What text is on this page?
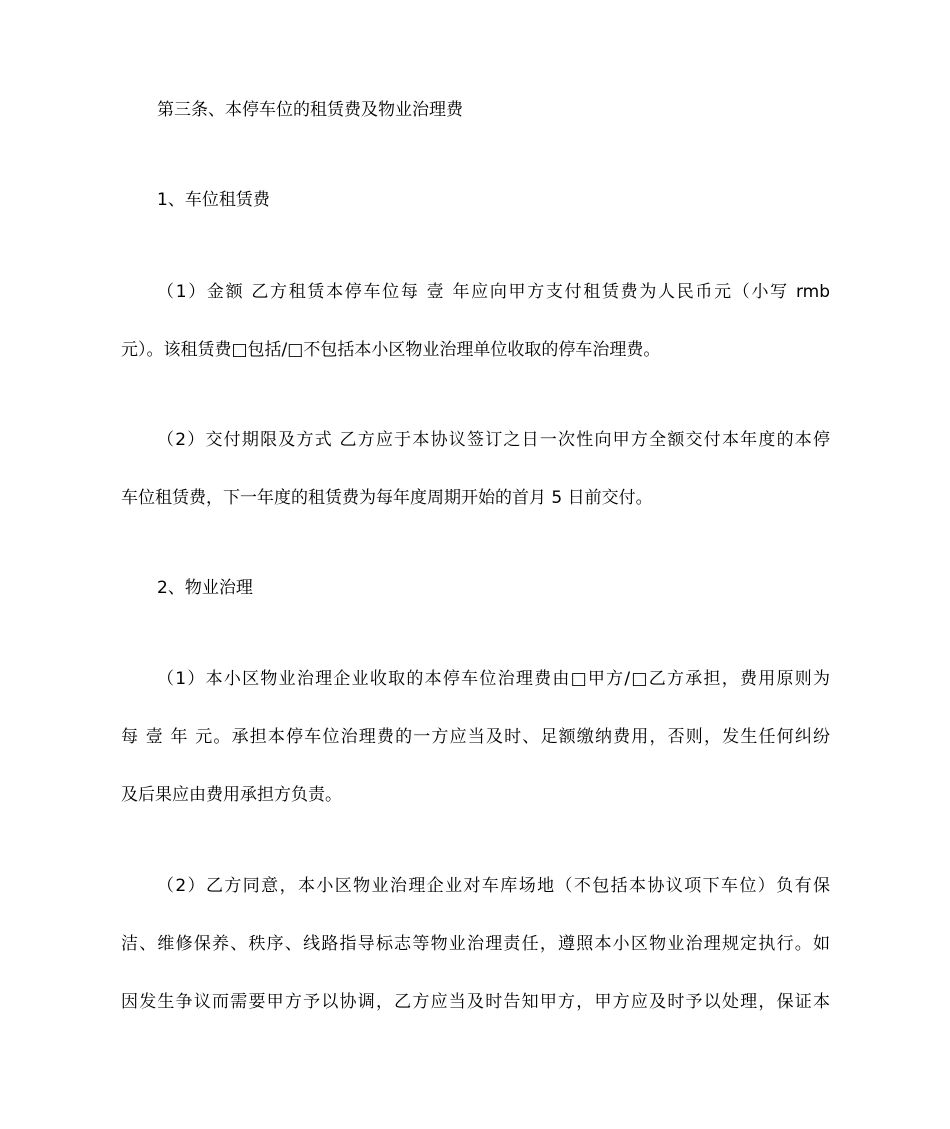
第三条、本停车位的租赁费及物业治理费
1、车位租赁费
（1）金额 乙方租赁本停车位每 壹 年应向甲方支付租赁费为人民币元（小写 rmb
元）。该租赁费□包括/□不包括本小区物业治理单位收取的停车治理费。
（2）交付期限及方式 乙方应于本协议签订之日一次性向甲方全额交付本年度的本停
车位租赁费，下一年度的租赁费为每年度周期开始的首月 5 日前交付。
2、物业治理
（1）本小区物业治理企业收取的本停车位治理费由□甲方/□乙方承担，费用原则为
每 壹 年 元。承担本停车位治理费的一方应当及时、足额缴纳费用，否则，发生任何纠纷
及后果应由费用承担方负责。
（2）乙方同意，本小区物业治理企业对车库场地（不包括本协议项下车位）负有保
洁、维修保养、秩序、线路指导标志等物业治理责任，遵照本小区物业治理规定执行。如
因发生争议而需要甲方予以协调，乙方应当及时告知甲方，甲方应及时予以处理，保证本
